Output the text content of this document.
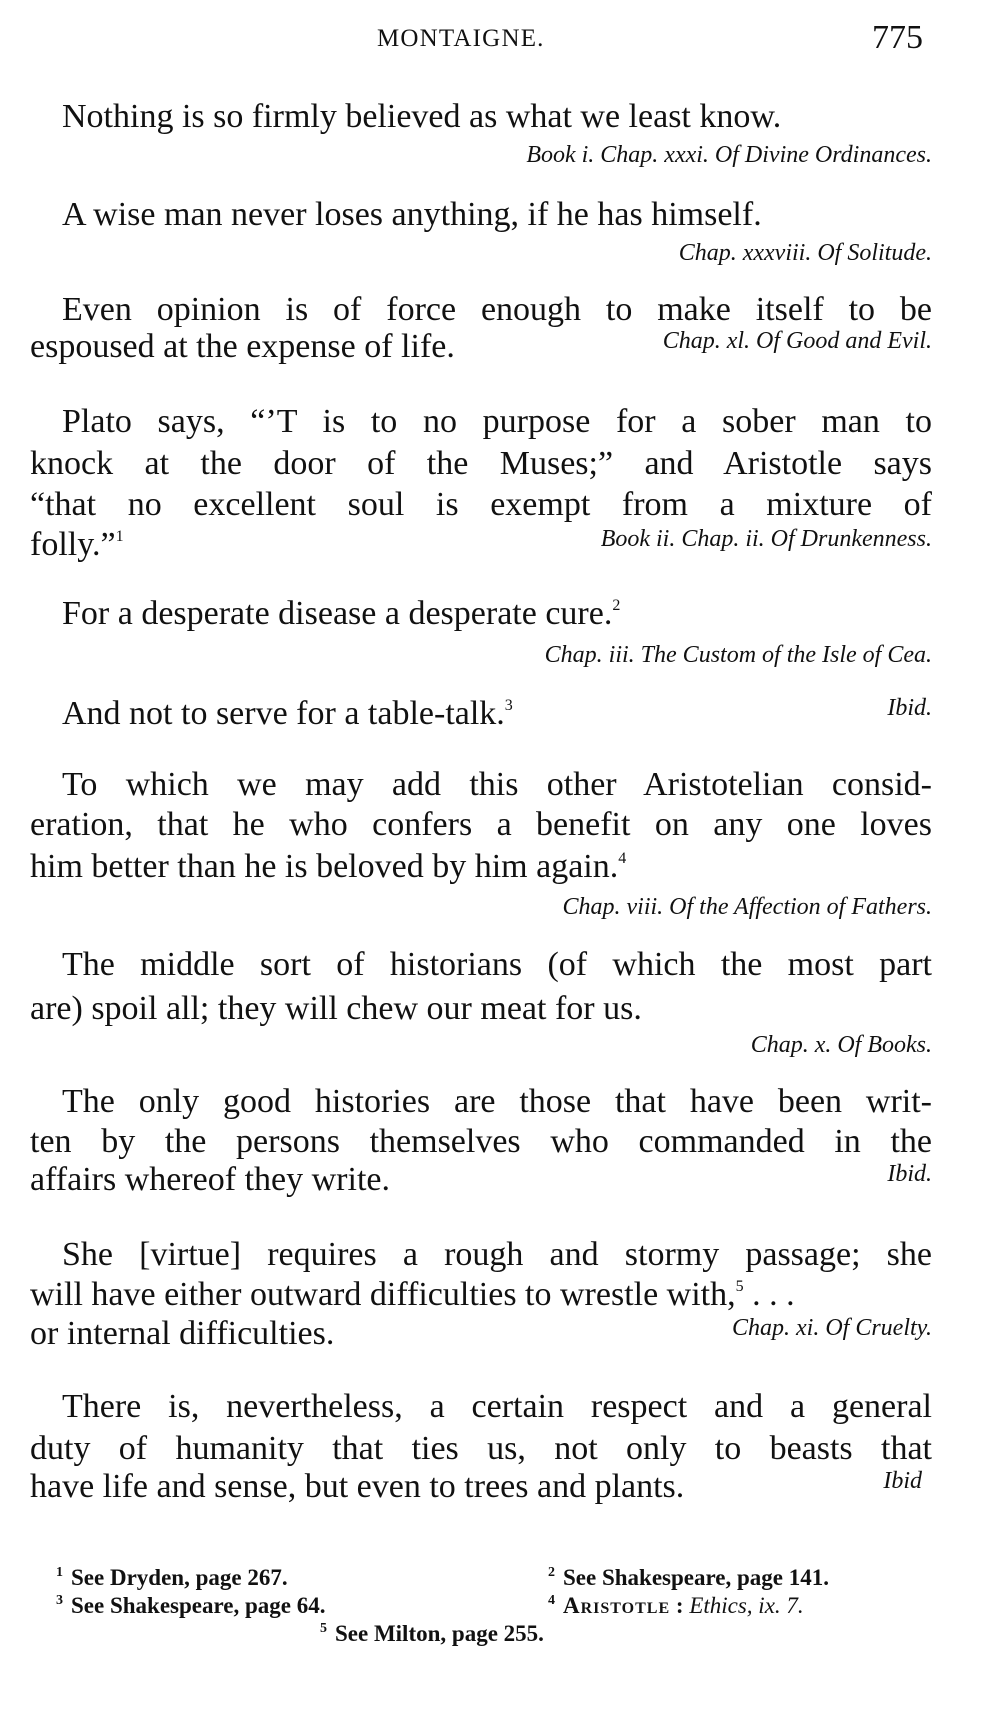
MONTAIGNE.	775
Nothing is so firmly believed as what we least know.
Book i. Chap. xxxi. Of Divine Ordinances.
A wise man never loses anything, if he has himself.
Chap. xxxviii. Of Solitude.
Even opinion is of force enough to make itself to be
espoused at the expense of life.	Chap. xl. Of Good and Evil.
Plato says, “’T is to no purpose for a sober man to
knock at the door of the Muses;” and Aristotle says
“that no excellent soul is exempt from a mixture of
folly.”$^1$	Book ii. Chap. ii. Of Drunkenness.
For a desperate disease a desperate cure.$^2$
Chap. iii. The Custom of the Isle of Cea.
And not to serve for a table-talk.$^3$	Ibid.
To which we may add this other Aristotelian consid-
eration, that he who confers a benefit on any one loves
him better than he is beloved by him again.$^4$
Chap. viii. Of the Affection of Fathers.
The middle sort of historians (of which the most part
are) spoil all; they will chew our meat for us.
Chap. x. Of Books.
The only good histories are those that have been writ-
ten by the persons themselves who commanded in the
affairs whereof they write.	Ibid.
She [virtue] requires a rough and stormy passage; she
will have either outward difficulties to wrestle with,$^5$ . . .
or internal difficulties.	Chap. xi. Of Cruelty.
There is, nevertheless, a certain respect and a general
duty of humanity that ties us, not only to beasts that
have life and sense, but even to trees and plants.	Ibid
$^1$ See Dryden, page 267.	$^2$ See Shakespeare, page 141.
$^3$ See Shakespeare, page 64.	$^4$ Aristotle : Ethics, ix. 7.
$^5$ See Milton, page 255.
